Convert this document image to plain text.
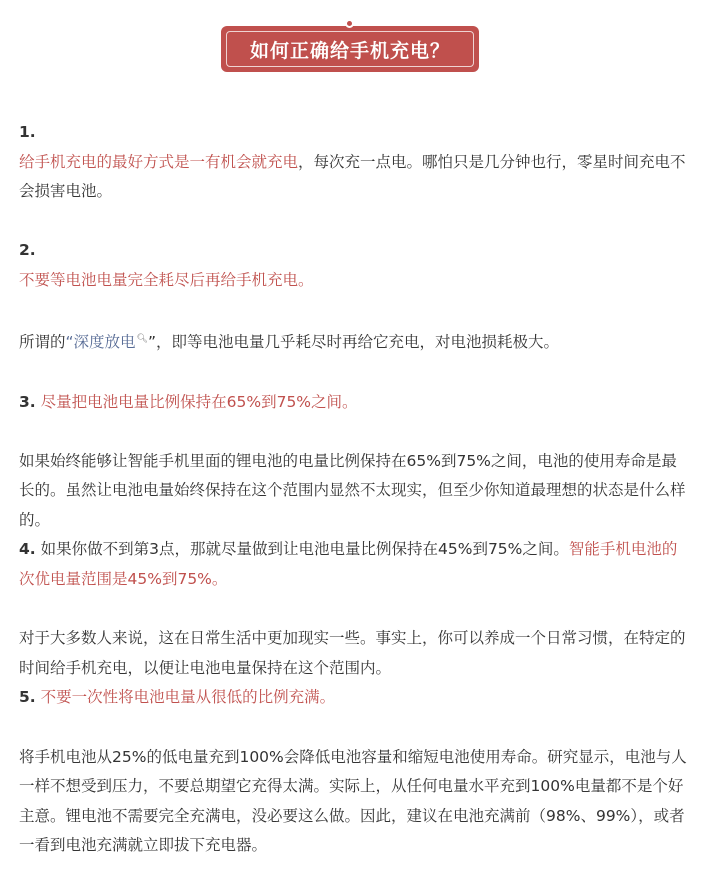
如何正确给手机充电？

1.

给手机充电的最好方式是一有机会就充电，每次充一点电。哪怕只是几分钟也行，零星时间充电不会损害电池。

2.

不要等电池电量完全耗尽后再给手机充电。

所谓的“深度放电🔍︎”，即等电池电量几乎耗尽时再给它充电，对电池损耗极大。

3. 尽量把电池电量比例保持在65%到75%之间。

如果始终能够让智能手机里面的锂电池的电量比例保持在65%到75%之间，电池的使用寿命是最长的。虽然让电池电量始终保持在这个范围内显然不太现实，但至少你知道最理想的状态是什么样的。

4. 如果你做不到第3点，那就尽量做到让电池电量比例保持在45%到75%之间。智能手机电池的次优电量范围是45%到75%。

对于大多数人来说，这在日常生活中更加现实一些。事实上，你可以养成一个日常习惯，在特定的时间给手机充电，以便让电池电量保持在这个范围内。

5. 不要一次性将电池电量从很低的比例充满。

将手机电池从25%的低电量充到100%会降低电池容量和缩短电池使用寿命。研究显示，电池与人一样不想受到压力，不要总期望它充得太满。实际上，从任何电量水平充到100%电量都不是个好主意。锂电池不需要完全充满电，没必要这么做。因此，建议在电池充满前（98%、99%），或者一看到电池充满就立即拔下充电器。
